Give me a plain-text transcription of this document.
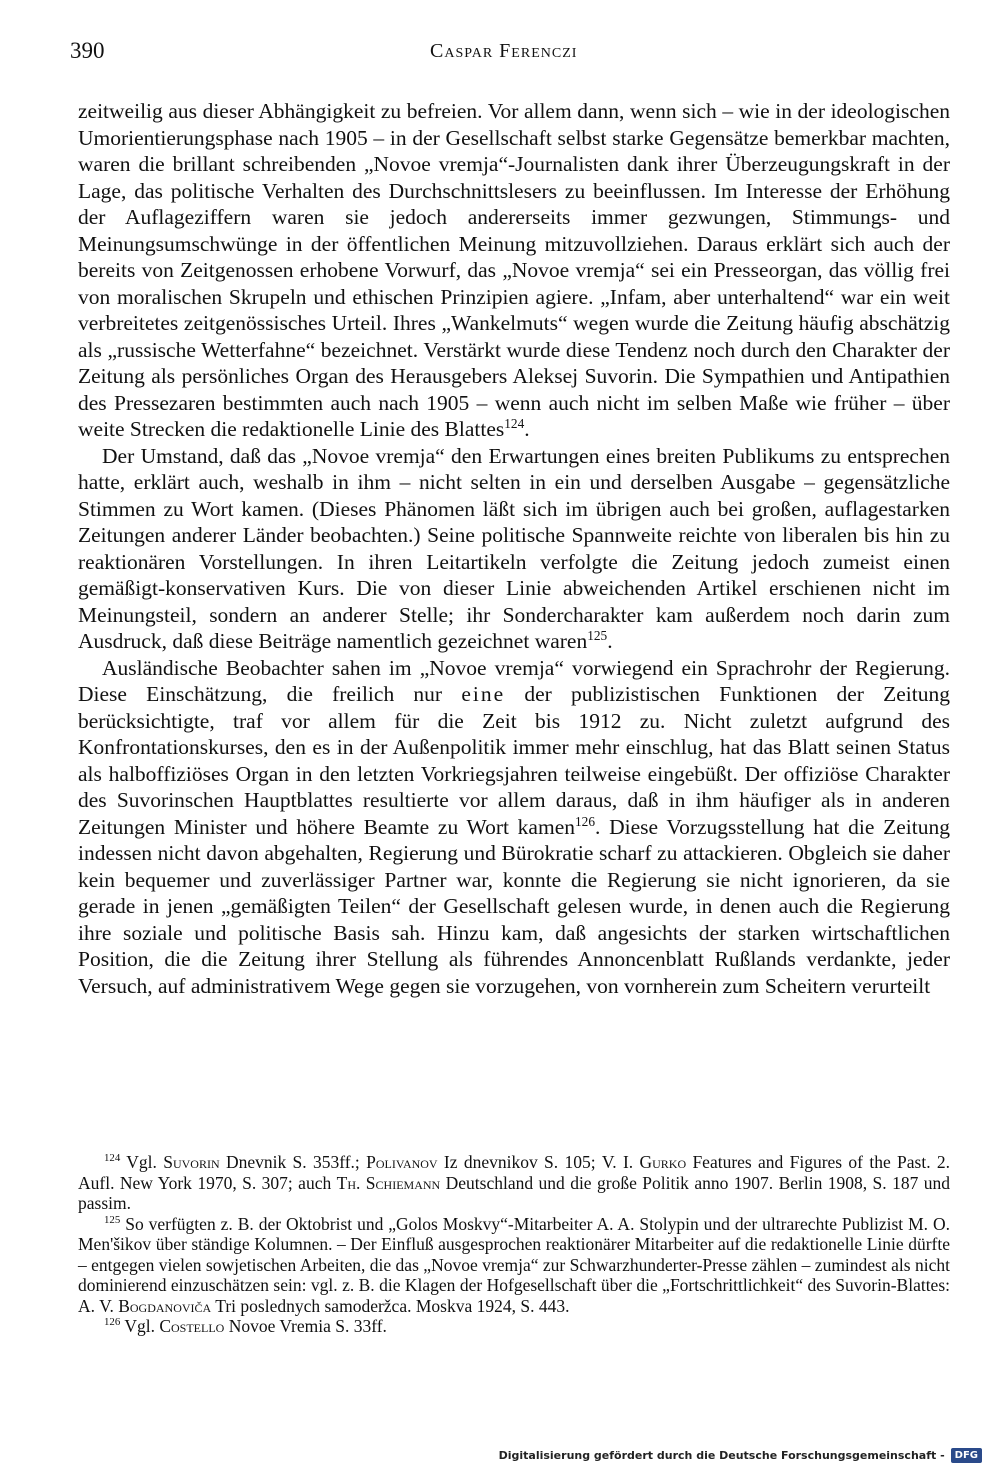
390	Caspar Ferenczi

zeitweilig aus dieser Abhängigkeit zu befreien. Vor allem dann, wenn sich – wie in der ideologischen Umorientierungsphase nach 1905 – in der Gesellschaft selbst starke Gegensätze bemerkbar machten, waren die brillant schreibenden „Novoe vremja“-Journalisten dank ihrer Überzeugungskraft in der Lage, das politische Verhalten des Durchschnittslesers zu beeinflussen. Im Interesse der Erhöhung der Auflageziffern waren sie jedoch andererseits immer gezwungen, Stimmungs- und Meinungsumschwünge in der öffentlichen Meinung mitzuvollziehen. Daraus erklärt sich auch der bereits von Zeitgenossen erhobene Vorwurf, das „Novoe vremja“ sei ein Presseorgan, das völlig frei von moralischen Skrupeln und ethischen Prinzipien agiere. „Infam, aber unterhaltend“ war ein weit verbreitetes zeitgenössisches Urteil. Ihres „Wankelmuts“ wegen wurde die Zeitung häufig abschätzig als „russische Wetterfahne“ bezeichnet. Verstärkt wurde diese Tendenz noch durch den Charakter der Zeitung als persönliches Organ des Herausgebers Aleksej Suvorin. Die Sympathien und Antipathien des Pressezaren bestimmten auch nach 1905 – wenn auch nicht im selben Maße wie früher – über weite Strecken die redaktionelle Linie des Blattes$^{124}$.

Der Umstand, daß das „Novoe vremja“ den Erwartungen eines breiten Publikums zu entsprechen hatte, erklärt auch, weshalb in ihm – nicht selten in ein und derselben Ausgabe – gegensätzliche Stimmen zu Wort kamen. (Dieses Phänomen läßt sich im übrigen auch bei großen, auflagestarken Zeitungen anderer Länder beobachten.) Seine politische Spannweite reichte von liberalen bis hin zu reaktionären Vorstellungen. In ihren Leitartikeln verfolgte die Zeitung jedoch zumeist einen gemäßigt-konservativen Kurs. Die von dieser Linie abweichenden Artikel erschienen nicht im Meinungsteil, sondern an anderer Stelle; ihr Sondercharakter kam außerdem noch darin zum Ausdruck, daß diese Beiträge namentlich gezeichnet waren$^{125}$.

Ausländische Beobachter sahen im „Novoe vremja“ vorwiegend ein Sprachrohr der Regierung. Diese Einschätzung, die freilich nur eine der publizistischen Funktionen der Zeitung berücksichtigte, traf vor allem für die Zeit bis 1912 zu. Nicht zuletzt aufgrund des Konfrontationskurses, den es in der Außenpolitik immer mehr einschlug, hat das Blatt seinen Status als halboffiziöses Organ in den letzten Vorkriegsjahren teilweise eingebüßt. Der offiziöse Charakter des Suvorinschen Hauptblattes resultierte vor allem daraus, daß in ihm häufiger als in anderen Zeitungen Minister und höhere Beamte zu Wort kamen$^{126}$. Diese Vorzugsstellung hat die Zeitung indessen nicht davon abgehalten, Regierung und Bürokratie scharf zu attackieren. Obgleich sie daher kein bequemer und zuverlässiger Partner war, konnte die Regierung sie nicht ignorieren, da sie gerade in jenen „gemäßigten Teilen“ der Gesellschaft gelesen wurde, in denen auch die Regierung ihre soziale und politische Basis sah. Hinzu kam, daß angesichts der starken wirtschaftlichen Position, die die Zeitung ihrer Stellung als führendes Annoncenblatt Rußlands verdankte, jeder Versuch, auf administrativem Wege gegen sie vorzugehen, von vornherein zum Scheitern verurteilt

$^{124}$ Vgl. Suvorin Dnevnik S. 353ff.; Polivanov Iz dnevnikov S. 105; V. I. Gurko Features and Figures of the Past. 2. Aufl. New York 1970, S. 307; auch Th. Schiemann Deutschland und die große Politik anno 1907. Berlin 1908, S. 187 und passim.

$^{125}$ So verfügten z. B. der Oktobrist und „Golos Moskvy“-Mitarbeiter A. A. Stolypin und der ultrarechte Publizist M. O. Men'šikov über ständige Kolumnen. – Der Einfluß ausgesprochen reaktionärer Mitarbeiter auf die redaktionelle Linie dürfte – entgegen vielen sowjetischen Arbeiten, die das „Novoe vremja“ zur Schwarzhunderter-Presse zählen – zumindest als nicht dominierend einzuschätzen sein: vgl. z. B. die Klagen der Hofgesellschaft über die „Fortschrittlichkeit“ des Suvorin-Blattes: A. V. Bogdanoviča Tri poslednych samoderžca. Moskva 1924, S. 443.

$^{126}$ Vgl. Costello Novoe Vremia S. 33ff.

Digitalisierung gefördert durch die Deutsche Forschungsgemeinschaft -	DFG
